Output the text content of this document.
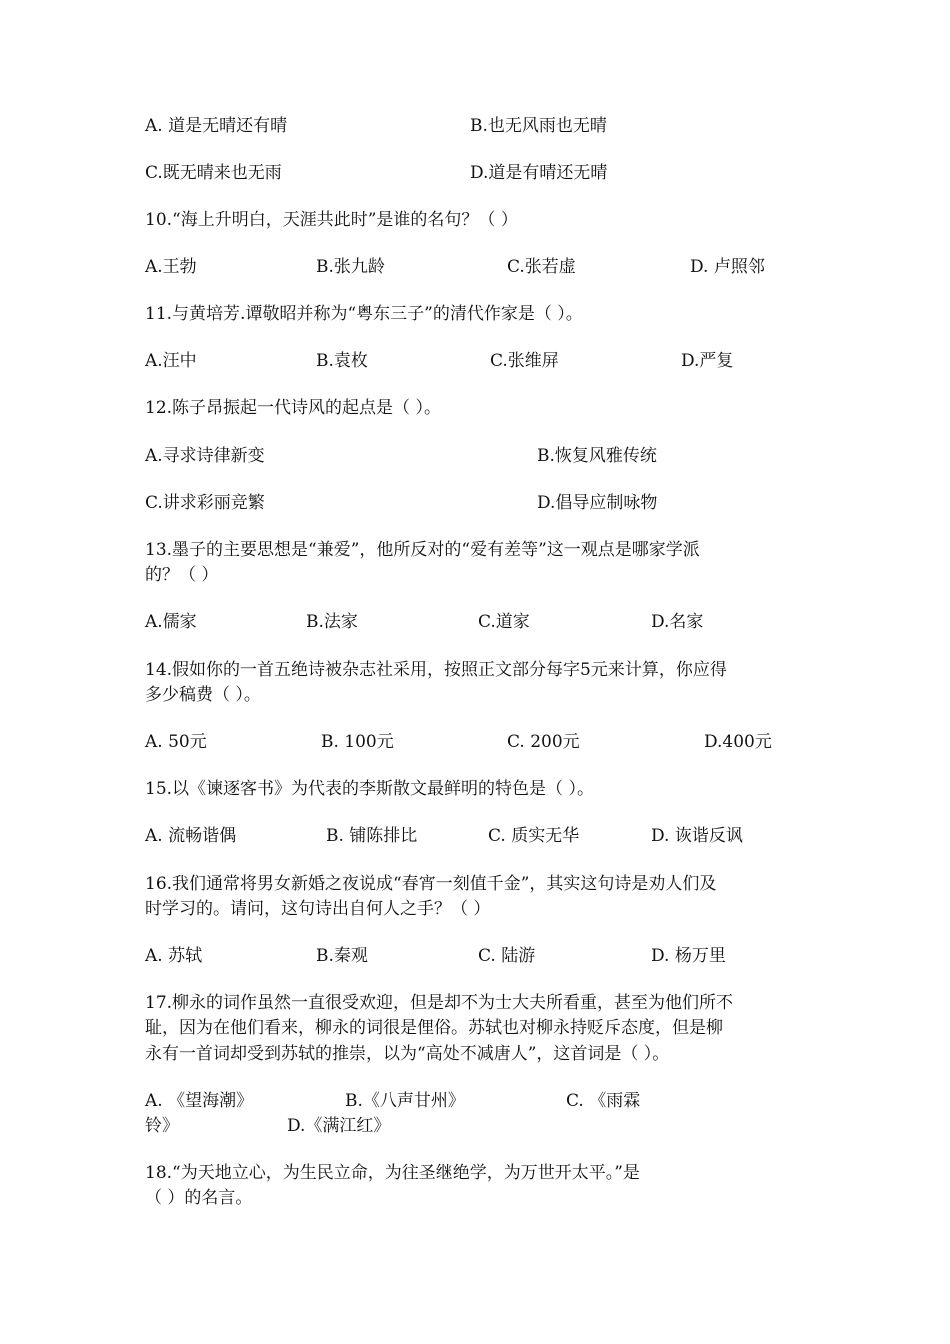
A. 道是无晴还有晴	B.也无风雨也无晴
C.既无晴来也无雨	D.道是有晴还无晴
10.“海上升明白，天涯共此时”是谁的名句？（ ）
A.王勃	B.张九龄	C.张若虚	D. 卢照邻
11.与黄培芳.谭敬昭并称为“粤东三子”的清代作家是（ ）。
A.汪中	B.袁枚	C.张维屏	D.严复
12.陈子昂振起一代诗风的起点是（ ）。
A.寻求诗律新变	B.恢复风雅传统
C.讲求彩丽竞繁	D.倡导应制咏物
13.墨子的主要思想是“兼爱”，他所反对的“爱有差等”这一观点是哪家学派
的？（ ）
A.儒家	B.法家	C.道家	D.名家
14.假如你的一首五绝诗被杂志社采用，按照正文部分每字5元来计算，你应得
多少稿费（ ）。
A. 50元	B. 100元	C. 200元	D.400元
15.以《谏逐客书》为代表的李斯散文最鲜明的特色是（ ）。
A. 流畅谐偶	B. 铺陈排比	C. 质实无华	D. 诙谐反讽
16.我们通常将男女新婚之夜说成“春宵一刻值千金”，其实这句诗是劝人们及
时学习的。请问，这句诗出自何人之手？（ ）
A. 苏轼	B.秦观	C. 陆游	D. 杨万里
17.柳永的词作虽然一直很受欢迎，但是却不为士大夫所看重，甚至为他们所不
耻，因为在他们看来，柳永的词很是俚俗。苏轼也对柳永持贬斥态度，但是柳
永有一首词却受到苏轼的推崇，以为“高处不减唐人”，这首词是（ ）。
A. 《望海潮》	B.《八声甘州》	C. 《雨霖
铃》	D.《满江红》
18.“为天地立心，为生民立命，为往圣继绝学，为万世开太平。”是
（ ）的名言。
